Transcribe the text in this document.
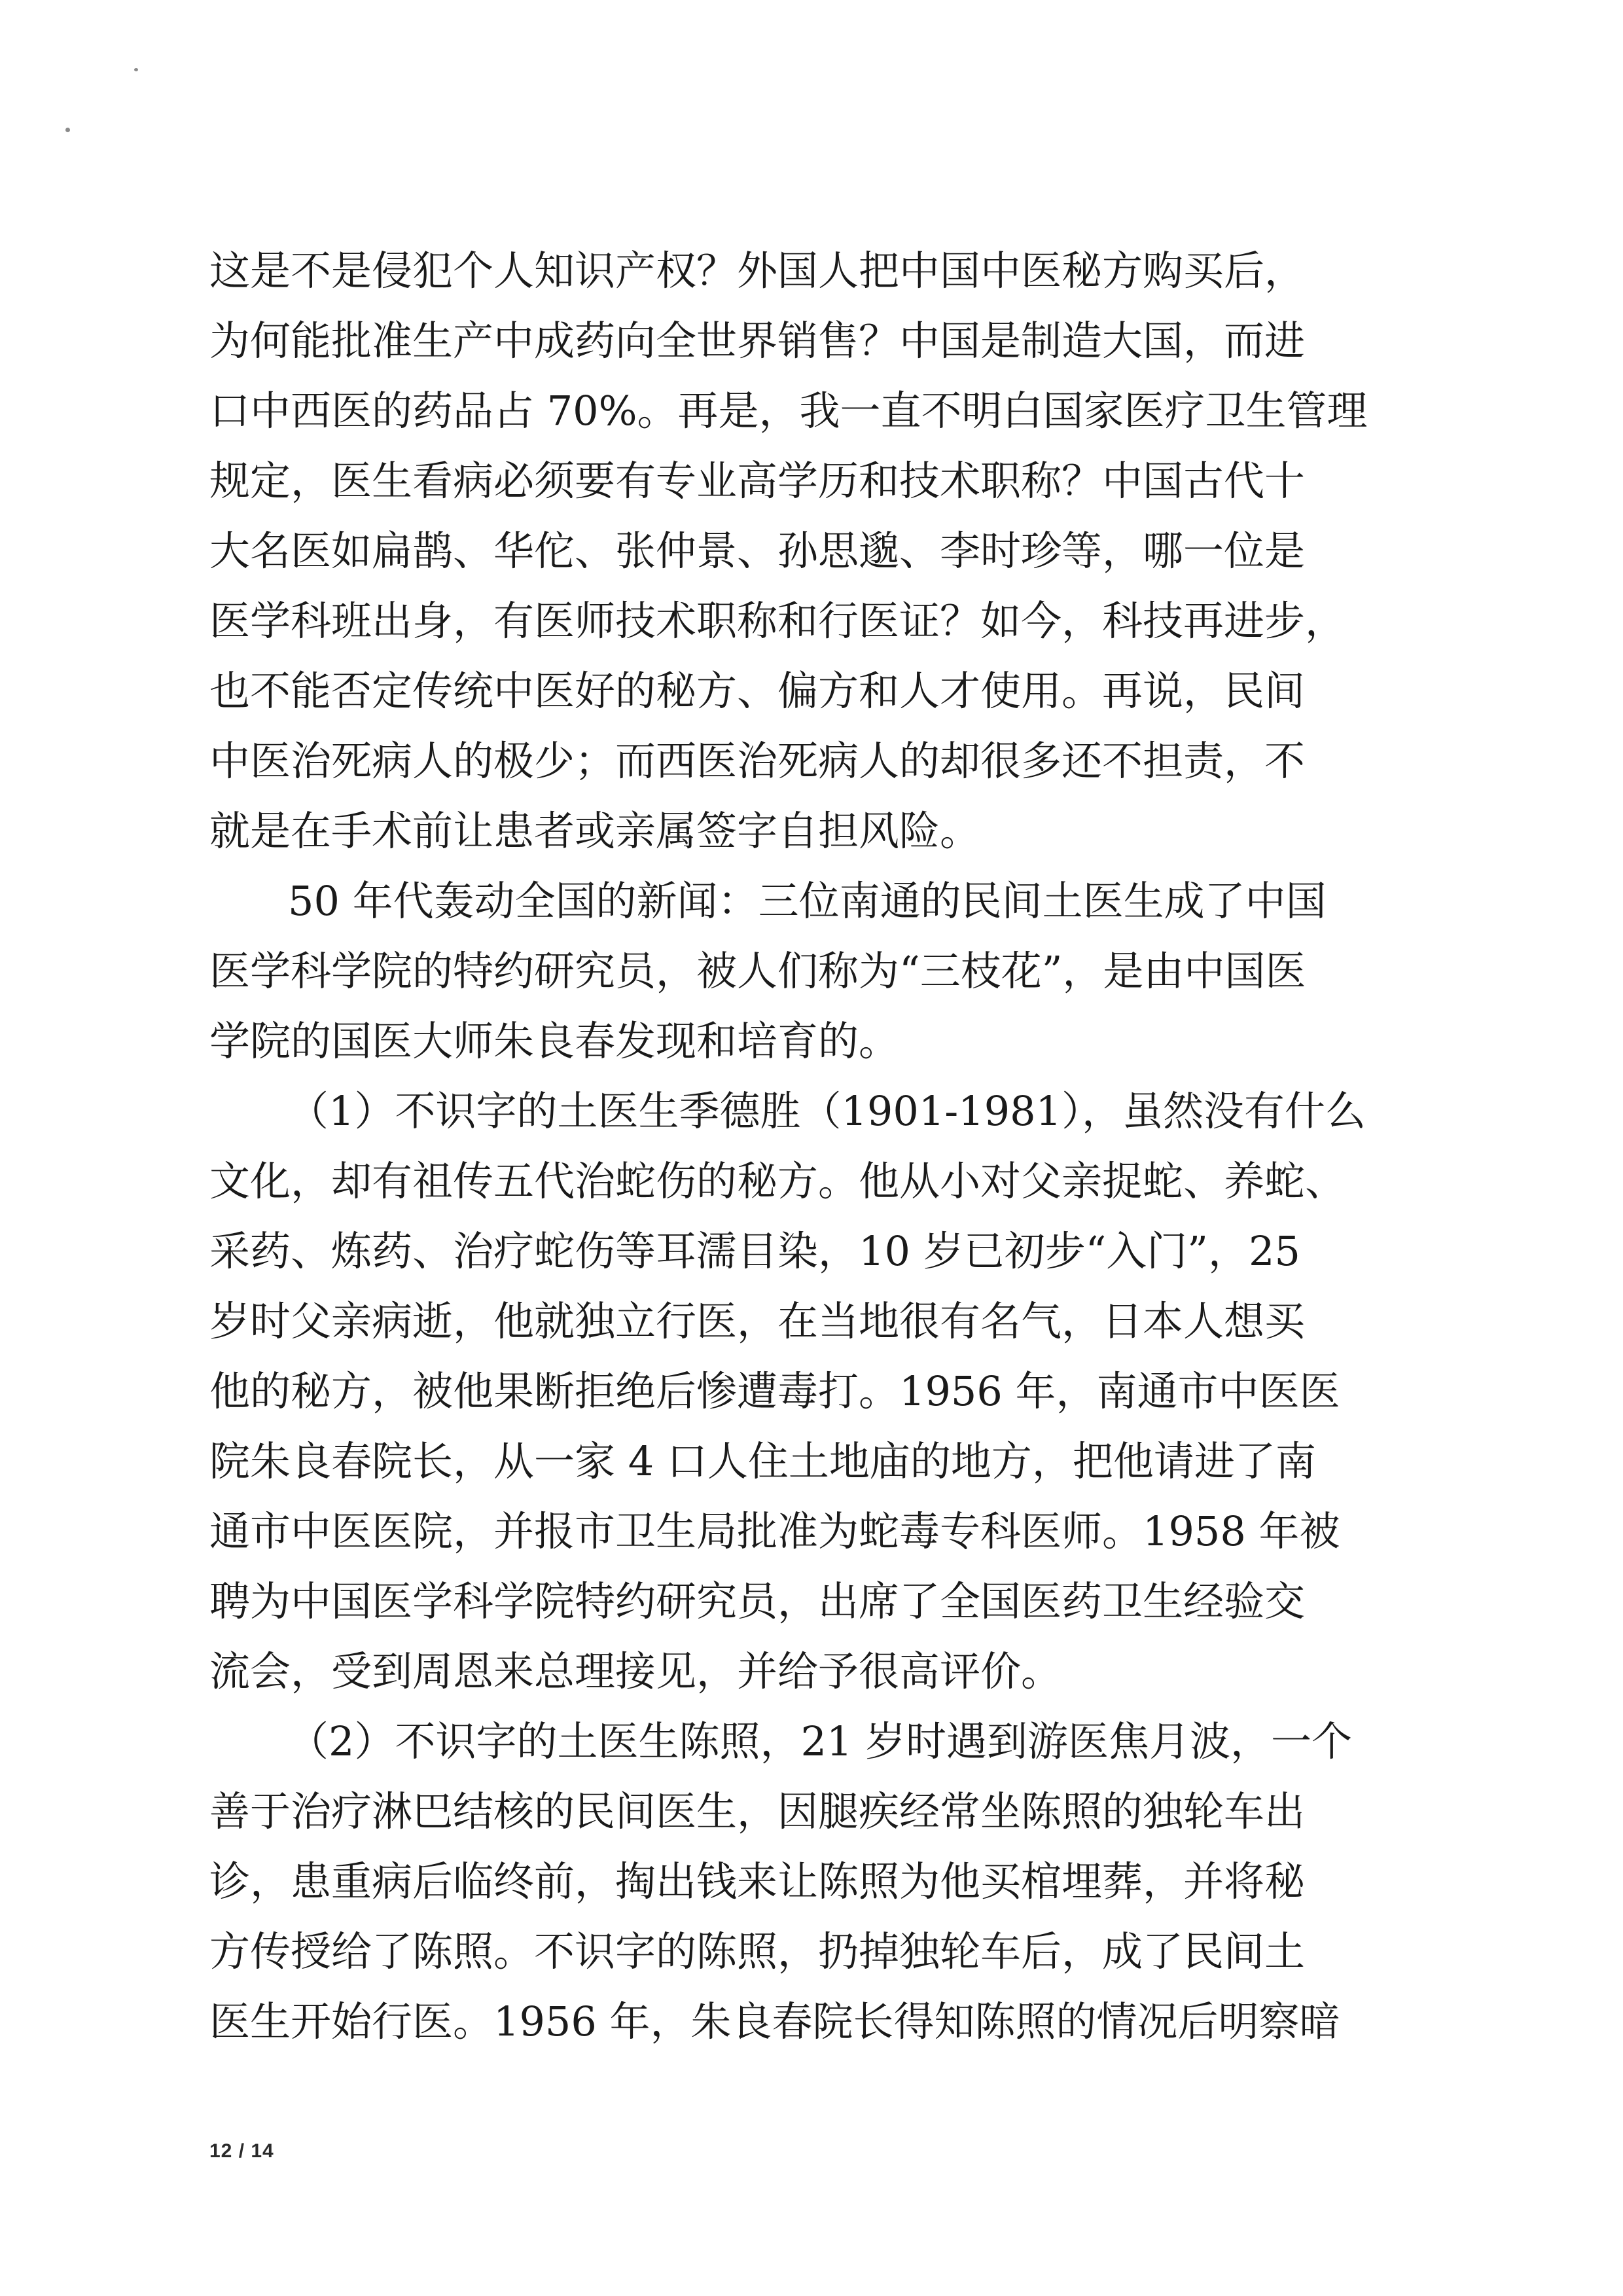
这是不是侵犯个人知识产权？外国人把中国中医秘方购买后，
为何能批准生产中成药向全世界销售？中国是制造大国，而进
口中西医的药品占 70%。再是，我一直不明白国家医疗卫生管理
规定，医生看病必须要有专业高学历和技术职称？中国古代十
大名医如扁鹊、华佗、张仲景、孙思邈、李时珍等，哪一位是
医学科班出身，有医师技术职称和行医证？如今，科技再进步，
也不能否定传统中医好的秘方、偏方和人才使用。再说，民间
中医治死病人的极少；而西医治死病人的却很多还不担责，不
就是在手术前让患者或亲属签字自担风险。
50 年代轰动全国的新闻：三位南通的民间土医生成了中国
医学科学院的特约研究员，被人们称为“三枝花”，是由中国医
学院的国医大师朱良春发现和培育的。
（1）不识字的土医生季德胜（1901-1981），虽然没有什么
文化，却有祖传五代治蛇伤的秘方。他从小对父亲捉蛇、养蛇、
采药、炼药、治疗蛇伤等耳濡目染，10 岁已初步“入门”，25
岁时父亲病逝，他就独立行医，在当地很有名气，日本人想买
他的秘方，被他果断拒绝后惨遭毒打。1956 年，南通市中医医
院朱良春院长，从一家 4 口人住土地庙的地方，把他请进了南
通市中医医院，并报市卫生局批准为蛇毒专科医师。1958 年被
聘为中国医学科学院特约研究员，出席了全国医药卫生经验交
流会，受到周恩来总理接见，并给予很高评价。
（2）不识字的土医生陈照，21 岁时遇到游医焦月波，一个
善于治疗淋巴结核的民间医生，因腿疾经常坐陈照的独轮车出
诊，患重病后临终前，掏出钱来让陈照为他买棺埋葬，并将秘
方传授给了陈照。不识字的陈照，扔掉独轮车后，成了民间土
医生开始行医。1956 年，朱良春院长得知陈照的情况后明察暗
12 / 14
